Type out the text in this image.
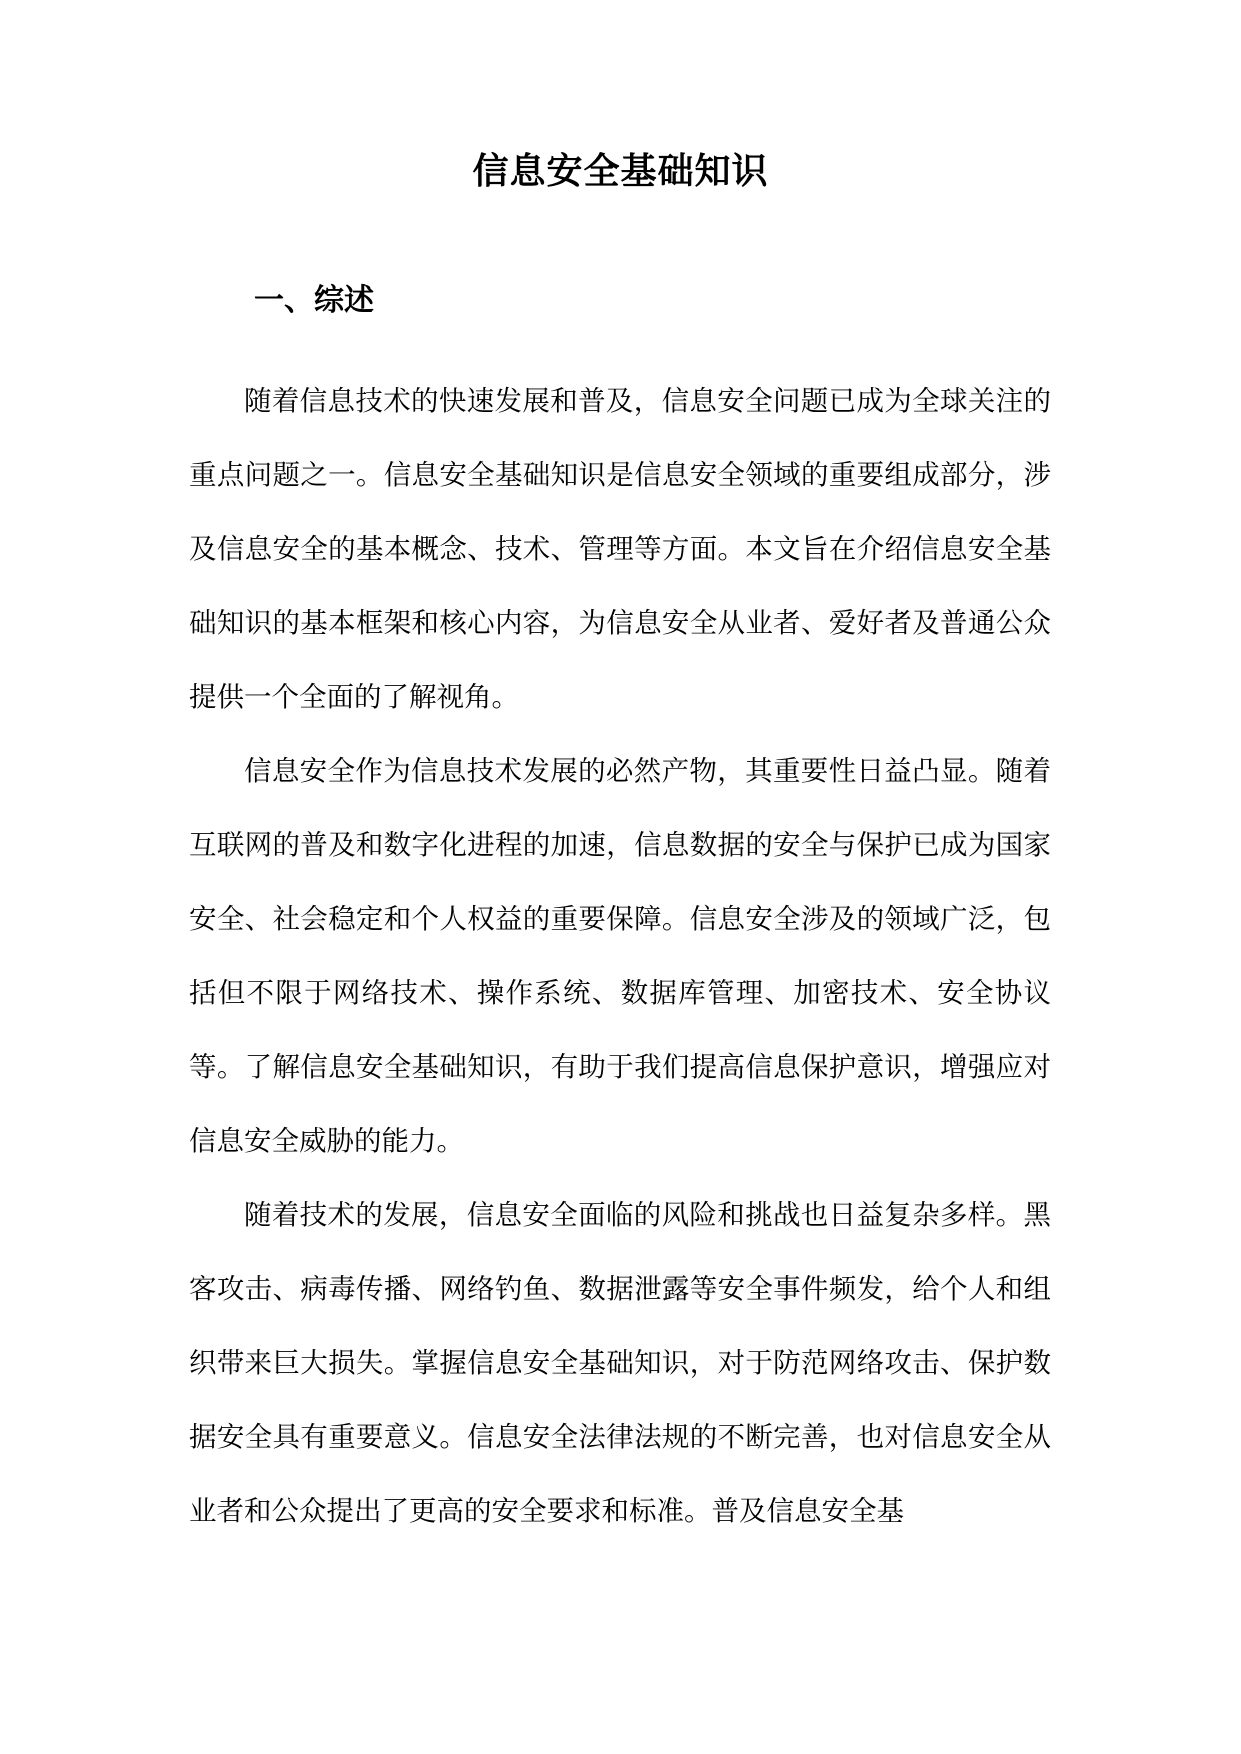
信息安全基础知识
一、综述

随着信息技术的快速发展和普及，信息安全问题已成为全球关注的重点问题之一。信息安全基础知识是信息安全领域的重要组成部分，涉及信息安全的基本概念、技术、管理等方面。本文旨在介绍信息安全基础知识的基本框架和核心内容，为信息安全从业者、爱好者及普通公众提供一个全面的了解视角。

信息安全作为信息技术发展的必然产物，其重要性日益凸显。随着互联网的普及和数字化进程的加速，信息数据的安全与保护已成为国家安全、社会稳定和个人权益的重要保障。信息安全涉及的领域广泛，包括但不限于网络技术、操作系统、数据库管理、加密技术、安全协议等。了解信息安全基础知识，有助于我们提高信息保护意识，增强应对信息安全威胁的能力。

随着技术的发展，信息安全面临的风险和挑战也日益复杂多样。黑客攻击、病毒传播、网络钓鱼、数据泄露等安全事件频发，给个人和组织带来巨大损失。掌握信息安全基础知识，对于防范网络攻击、保护数据安全具有重要意义。信息安全法律法规的不断完善，也对信息安全从业者和公众提出了更高的安全要求和标准。普及信息安全基
